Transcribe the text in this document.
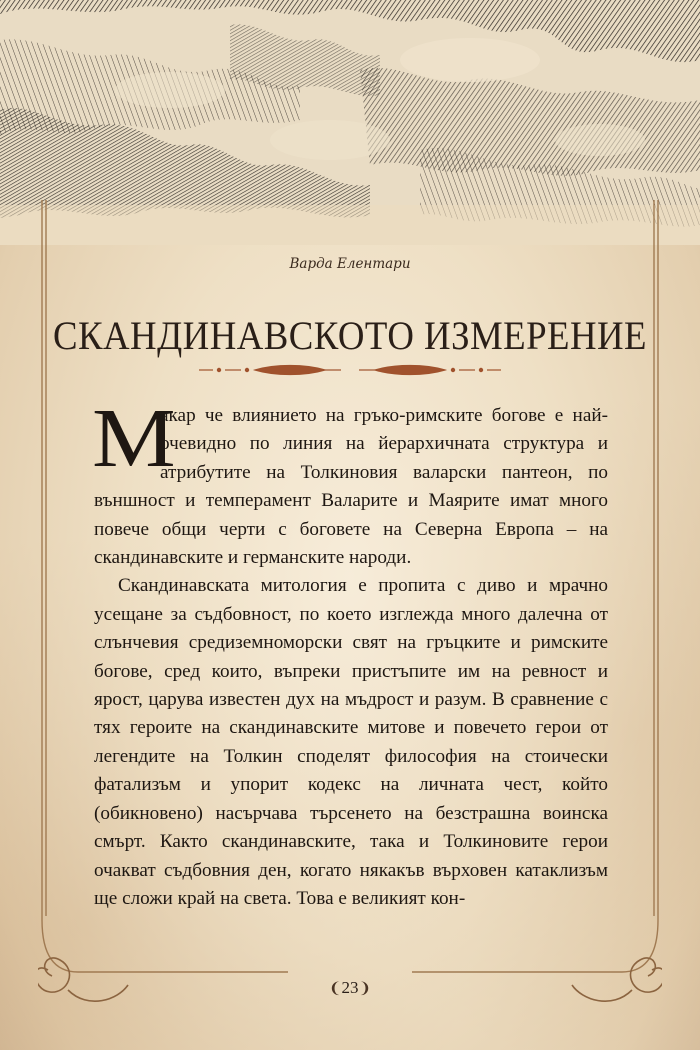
Варда Елентари
СКАНДИНАВСКОТО ИЗМЕРЕНИЕ

М
акар че влиянието на гръко-римските богове е най-очевидно по линия на йерархичната структура и атрибутите на Толкиновия валарски пантеон, по външност и темперамент Валарите и Маярите имат много повече общи черти с боговете на Северна Европа – на скандинавските и германските народи.

Скандинавската митология е пропита с диво и мрачно усещане за съдбовност, по което изглежда много далечна от слънчевия средиземноморски свят на гръцките и римските богове, сред които, въпреки пристъпите им на ревност и ярост, царува известен дух на мъдрост и разум. В сравнение с тях героите на скандинавските митове и повечето герои от легендите на Толкин споделят философия на стоически фатализъм и упорит кодекс на личната чест, който (обикновено) насърчава търсенето на безстрашна воинска смърт. Както скандинавските, така и Толкиновите герои очакват съдбовния ден, когато някакъв върховен катаклизъм ще сложи край на света. Това е великият кон-

❨23❩
